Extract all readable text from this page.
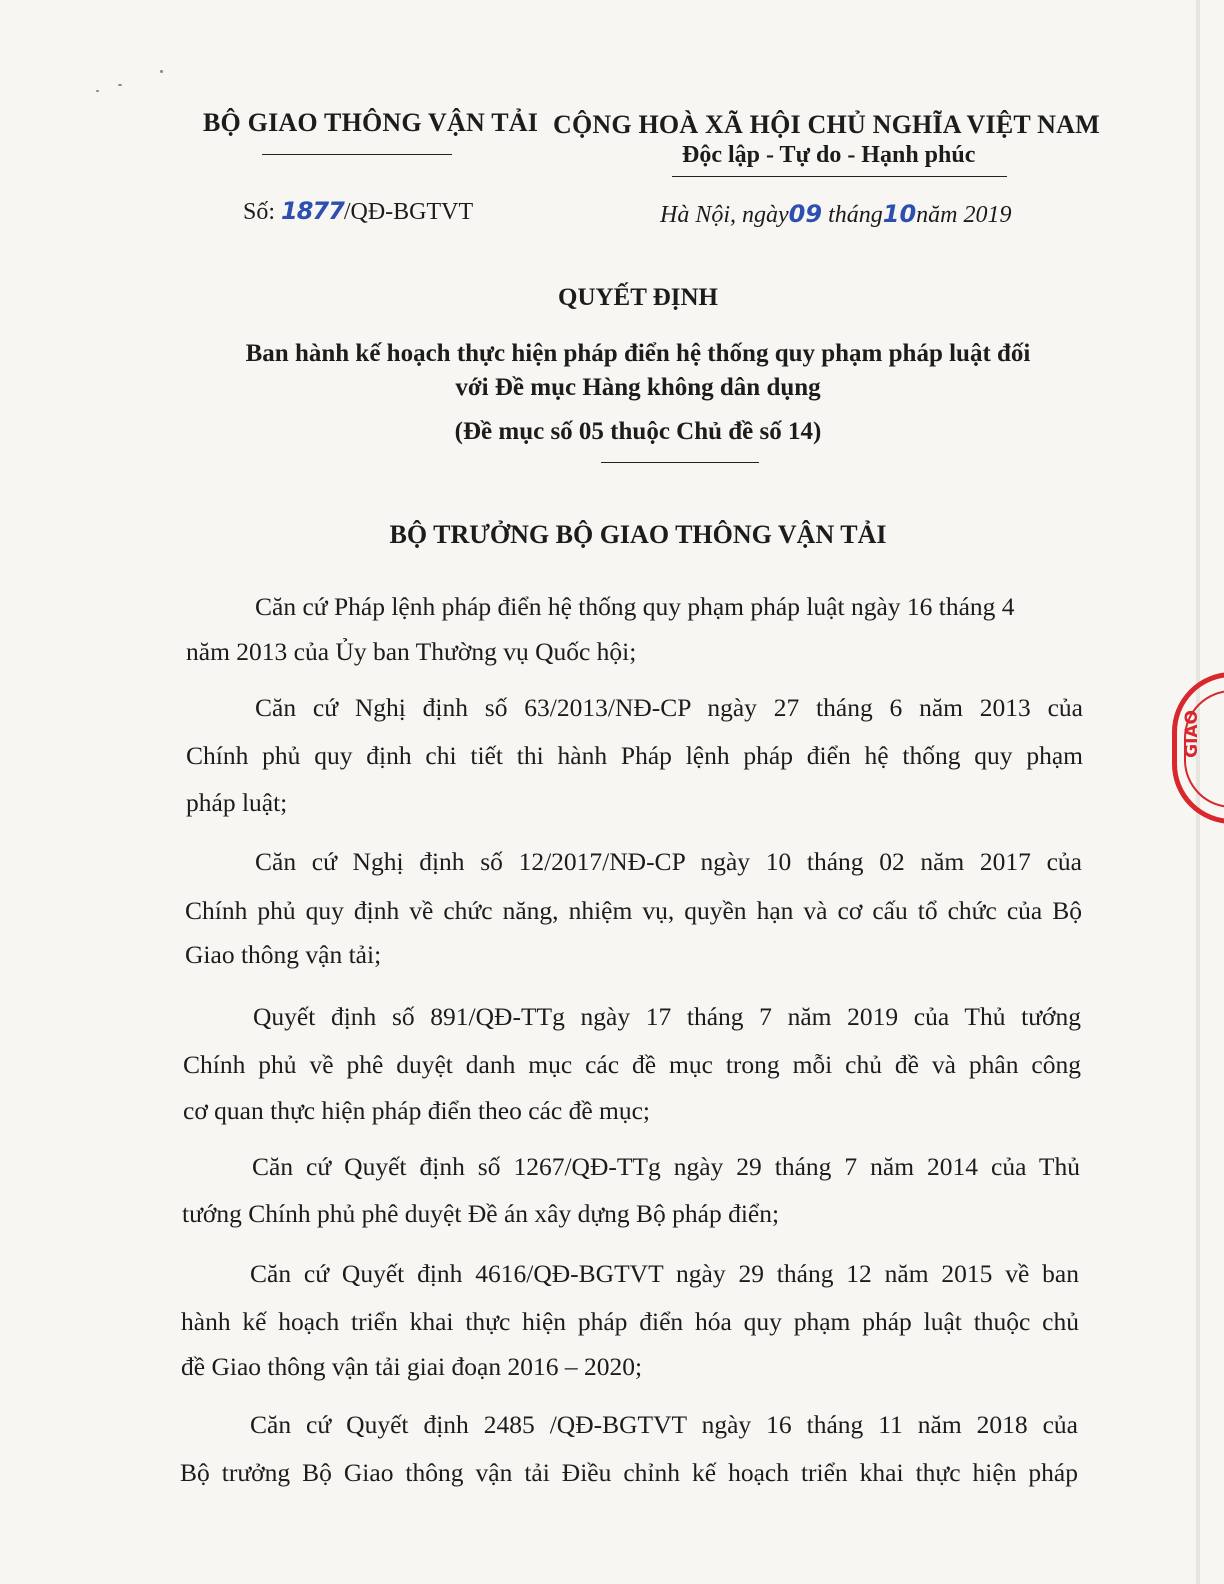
BỘ GIAO THÔNG VẬN TẢI CỘNG HOÀ XÃ HỘI CHỦ NGHĨA VIỆT NAM
Độc lập - Tự do - Hạnh phúc
Số: 1877/QĐ-BGTVT	Hà Nội, ngày09 tháng10năm 2019
QUYẾT ĐỊNH
Ban hành kế hoạch thực hiện pháp điển hệ thống quy phạm pháp luật đối
với Đề mục Hàng không dân dụng
(Đề mục số 05 thuộc Chủ đề số 14)
BỘ TRƯỞNG BỘ GIAO THÔNG VẬN TẢI
Căn cứ Pháp lệnh pháp điển hệ thống quy phạm pháp luật ngày 16 tháng 4
năm 2013 của Ủy ban Thường vụ Quốc hội;
Căn cứ Nghị định số 63/2013/NĐ-CP ngày 27 tháng 6 năm 2013 của
Chính phủ quy định chi tiết thi hành Pháp lệnh pháp điển hệ thống quy phạm
pháp luật;
Căn cứ Nghị định số 12/2017/NĐ-CP ngày 10 tháng 02 năm 2017 của
Chính phủ quy định về chức năng, nhiệm vụ, quyền hạn và cơ cấu tổ chức của Bộ
Giao thông vận tải;
Quyết định số 891/QĐ-TTg ngày 17 tháng 7 năm 2019 của Thủ tướng
Chính phủ về phê duyệt danh mục các đề mục trong mỗi chủ đề và phân công
cơ quan thực hiện pháp điển theo các đề mục;
Căn cứ Quyết định số 1267/QĐ-TTg ngày 29 tháng 7 năm 2014 của Thủ
tướng Chính phủ phê duyệt Đề án xây dựng Bộ pháp điển;
Căn cứ Quyết định 4616/QĐ-BGTVT ngày 29 tháng 12 năm 2015 về ban
hành kế hoạch triển khai thực hiện pháp điển hóa quy phạm pháp luật thuộc chủ
đề Giao thông vận tải giai đoạn 2016 – 2020;
Căn cứ Quyết định 2485 /QĐ-BGTVT ngày 16 tháng 11 năm 2018 của
Bộ trưởng Bộ Giao thông vận tải Điều chỉnh kế hoạch triển khai thực hiện pháp
GIAO
